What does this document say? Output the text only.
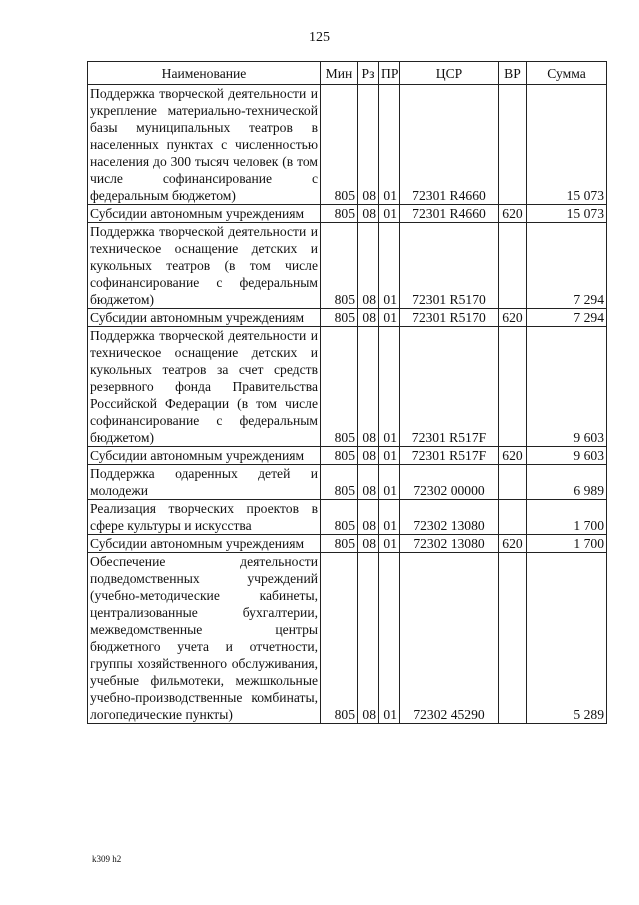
125
Наименование	Мин	Рз	ПР	ЦСР	ВР	Сумма
Поддержка творческой деятельности и укрепление материально-технической базы муниципальных театров в населенных пунктах с численностью населения до 300 тысяч человек (в том числе софинансирование с федеральным бюджетом)	805	08	01	72301 R4660		15 073
Субсидии автономным учреждениям	805	08	01	72301 R4660	620	15 073
Поддержка творческой деятельности и техническое оснащение детских и кукольных театров (в том числе софинансирование с федеральным бюджетом)	805	08	01	72301 R5170		7 294
Субсидии автономным учреждениям	805	08	01	72301 R5170	620	7 294
Поддержка творческой деятельности и техническое оснащение детских и кукольных театров за счет средств резервного фонда Правительства Российской Федерации (в том числе софинансирование с федеральным бюджетом)	805	08	01	72301 R517F		9 603
Субсидии автономным учреждениям	805	08	01	72301 R517F	620	9 603
Поддержка одаренных детей и молодежи	805	08	01	72302 00000		6 989
Реализация творческих проектов в сфере культуры и искусства	805	08	01	72302 13080		1 700
Субсидии автономным учреждениям	805	08	01	72302 13080	620	1 700
Обеспечение деятельности подведомственных учреждений (учебно-методические кабинеты, централизованные бухгалтерии, межведомственные центры бюджетного учета и отчетности, группы хозяйственного обслуживания, учебные фильмотеки, межшкольные учебно-производственные комбинаты, логопедические пункты)	805	08	01	72302 45290		5 289
k309 h2
